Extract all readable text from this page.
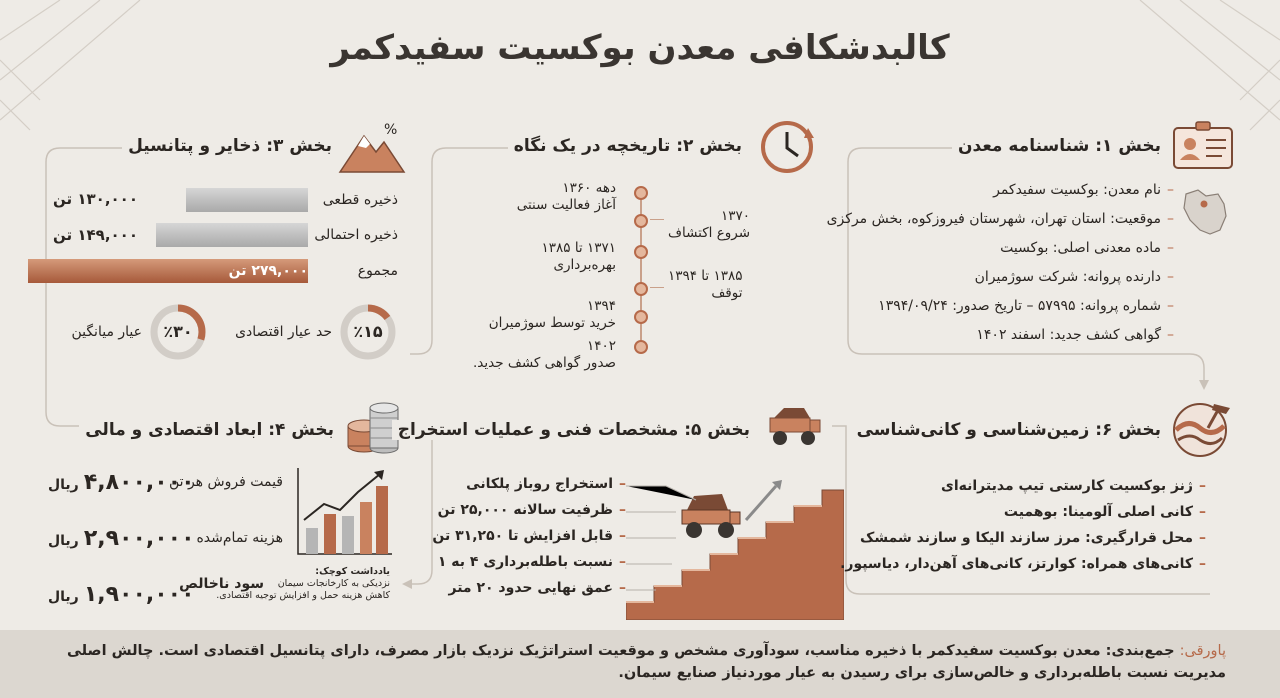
کالبدشکافی معدن بوکسیت سفیدکمر
بخش ۱: شناسنامه معدن
–نام معدن: بوکسیت سفیدکمر
–موقعیت: استان تهران، شهرستان فیروزکوه، بخش مرکزی
–ماده معدنی اصلی: بوکسیت
–دارنده پروانه: شرکت سوژمیران
–شماره پروانه: ۵۷۹۹۵ – تاریخ صدور: ۱۳۹۴/۰۹/۲۴
–گواهی کشف جدید: اسفند ۱۴۰۲
بخش ۲: تاریخچه در یک نگاه
دهه ۱۳۶۰
آغاز فعالیت سنتی
۱۳۷۰
شروع اکتشاف
۱۳۷۱ تا ۱۳۸۵
بهره‌برداری
۱۳۸۵ تا ۱۳۹۴
توقف
۱۳۹۴
خرید توسط سوژمیران
۱۴۰۲
صدور گواهی کشف جدید.
بخش ۳: ذخایر و پتانسیل
%
۱۳۰,۰۰۰ تن	ذخیره قطعی
۱۴۹,۰۰۰ تن	ذخیره احتمالی
۲۷۹,۰۰۰ تن	مجموع
٪۱۵
حد عیار اقتصادی
٪۳۰
عیار میانگین
بخش ۴: ابعاد اقتصادی و مالی
قیمت فروش هر تن
۴,۸۰۰,۰۰۰ ریال
هزینه تمام‌شده
۲,۹۰۰,۰۰۰ ریال
سود ناخالص
۱,۹۰۰,۰۰۰ ریال
یادداشت کوچک:
نزدیکی به کارخانجات سیمان
کاهش هزینه حمل و افزایش توجیه اقتصادی.
بخش ۵: مشخصات فنی و عملیات استخراج
–استخراج روباز پلکانی
–ظرفیت سالانه ۲۵,۰۰۰ تن
–قابل افزایش تا ۳۱,۲۵۰ تن
–نسبت باطله‌برداری ۴ به ۱
–عمق نهایی حدود ۲۰ متر
بخش ۶: زمین‌شناسی و کانی‌شناسی
–ژنز بوکسیت کارستی تیپ مدیترانه‌ای
–کانی اصلی آلومینا: بوهمیت
–محل قرارگیری: مرز سازند الیکا و سازند شمشک
–کانی‌های همراه: کوارتز، کانی‌های آهن‌دار، دیاسپور.
پاورقی: جمع‌بندی: معدن بوکسیت سفیدکمر با ذخیره مناسب، سودآوری مشخص و موقعیت استراتژیک نزدیک بازار مصرف، دارای پتانسیل اقتصادی است. چالش اصلی مدیریت نسبت باطله‌برداری و خالص‌سازی برای رسیدن به عیار موردنیاز صنایع سیمان.
